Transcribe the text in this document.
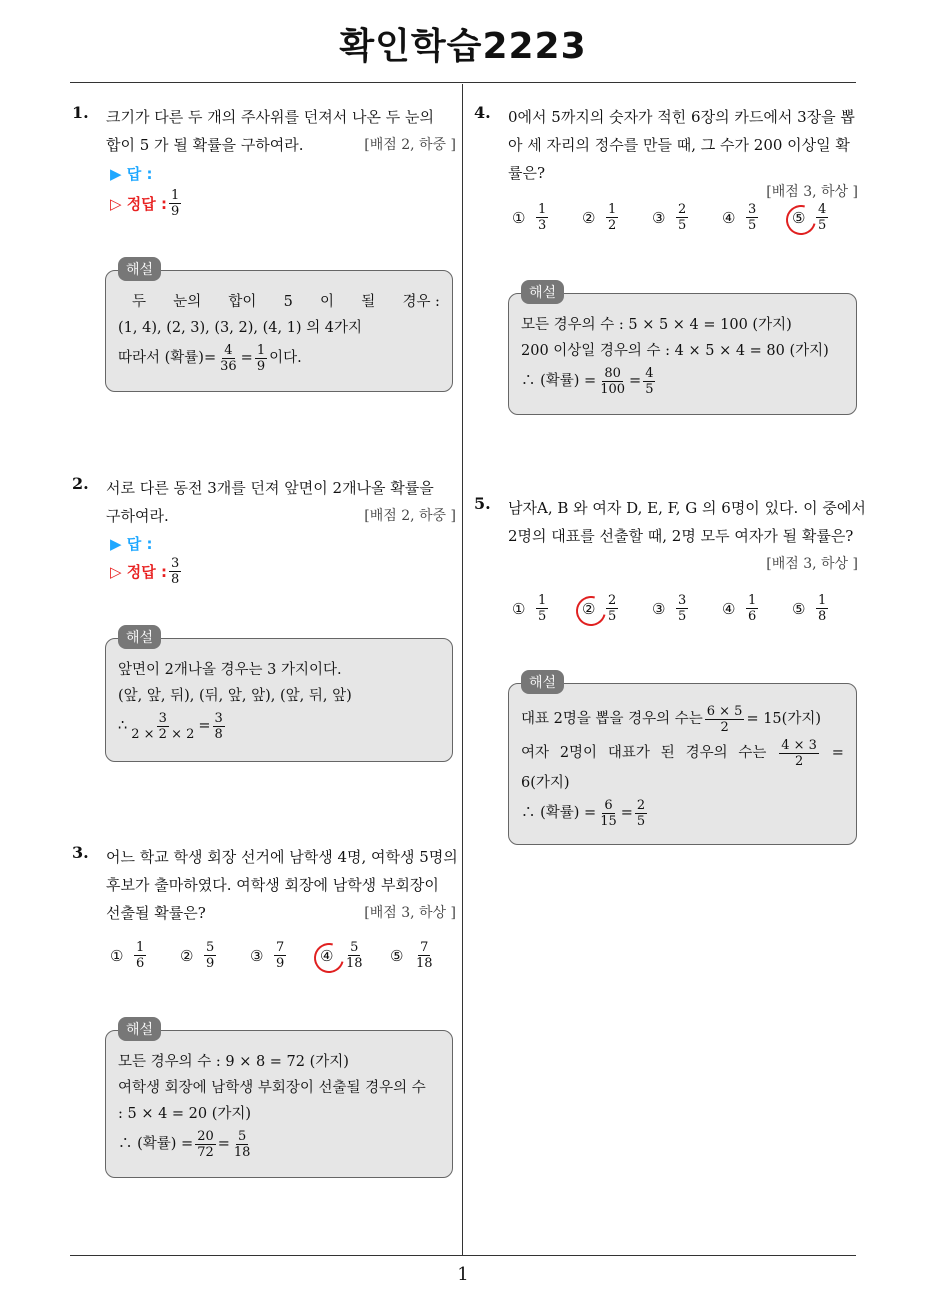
확인학습2223
1
1. 크기가 다른 두 개의 주사위를 던져서 나온 두 눈의
합이 5 가 될 확률을 구하여라.	[배점 2, 하중 ]
▶ 답 :
▷ 정답 : $\frac{1}{9}$
해설
두 눈의 합이 5 이 될 경우 :
(1, 4), (2, 3), (3, 2), (4, 1) 의 4가지
따라서 (확률)= $\frac{4}{36} = \frac{1}{9}$ 이다.
2. 서로 다른 동전 3개를 던져 앞면이 2개나올 확률을
구하여라.	[배점 2, 하중 ]
▶ 답 :
▷ 정답 : $\frac{3}{8}$
해설
앞면이 2개나올 경우는 3 가지이다.
(앞, 앞, 뒤), (뒤, 앞, 앞), (앞, 뒤, 앞)
∴ $\frac{3}{2 \times 2 \times 2} = \frac{3}{8}$
3. 어느 학교 학생 회장 선거에 남학생 4명, 여학생 5명의
후보가 출마하였다. 여학생 회장에 남학생 부회장이
선출될 확률은?	[배점 3, 하상 ]
① $\frac{1}{6}$ ② $\frac{5}{9}$ ③ $\frac{7}{9}$ ④ $\frac{5}{18}$ ⑤ $\frac{7}{18}$
해설
모든 경우의 수 : 9 × 8 = 72 (가지)
여학생 회장에 남학생 부회장이 선출될 경우의 수
: 5 × 4 = 20 (가지)
∴ (확률) = $\frac{20}{72} = \frac{5}{18}$
4. 0에서 5까지의 숫자가 적힌 6장의 카드에서 3장을 뽑
아 세 자리의 정수를 만들 때, 그 수가 200 이상일 확
률은?
[배점 3, 하상 ]
① $\frac{1}{3}$ ② $\frac{1}{2}$ ③ $\frac{2}{5}$ ④ $\frac{3}{5}$ ⑤ $\frac{4}{5}$
해설
모든 경우의 수 : 5 × 5 × 4 = 100 (가지)
200 이상일 경우의 수 : 4 × 5 × 4 = 80 (가지)
∴ (확률) = $\frac{80}{100} = \frac{4}{5}$
5. 남자A, B 와 여자 D, E, F, G 의 6명이 있다. 이 중에서
2명의 대표를 선출할 때, 2명 모두 여자가 될 확률은?
[배점 3, 하상 ]
① $\frac{1}{5}$ ② $\frac{2}{5}$ ③ $\frac{3}{5}$ ④ $\frac{1}{6}$ ⑤ $\frac{1}{8}$
해설
대표 2명을 뽑을 경우의 수는 $\frac{6 \times 5}{2} = 15$(가지)
여자 2명이 대표가 된 경우의 수는 $\frac{4 \times 3}{2}$ =
6(가지)
∴ (확률) = $\frac{6}{15} = \frac{2}{5}$
